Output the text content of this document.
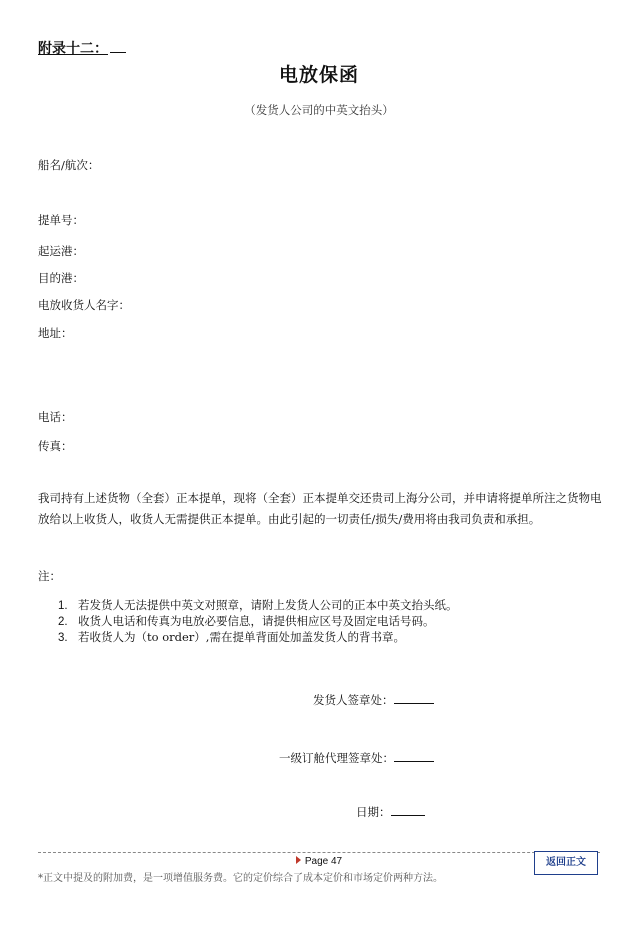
附录十二：
电放保函
（发货人公司的中英文抬头）
船名/航次：
提单号：
起运港：
目的港：
电放收货人名字：
地址：
电话：
传真：
我司持有上述货物（全套）正本提单，现将（全套）正本提单交还贵司上海分公司，并申请将提单所注之货物电放给以上收货人，收货人无需提供正本提单。由此引起的一切责任/损失/费用将由我司负责和承担。
注：
1. 若发货人无法提供中英文对照章，请附上发货人公司的正本中英文抬头纸。
2. 收货人电话和传真为电放必要信息，请提供相应区号及固定电话号码。
3. 若收货人为（to order）,需在提单背面处加盖发货人的背书章。
发货人签章处：
一级订舱代理签章处：
日期：
Page 47
*正文中提及的附加费，是一项增值服务费。它的定价综合了成本定价和市场定价两种方法。
返回正文
